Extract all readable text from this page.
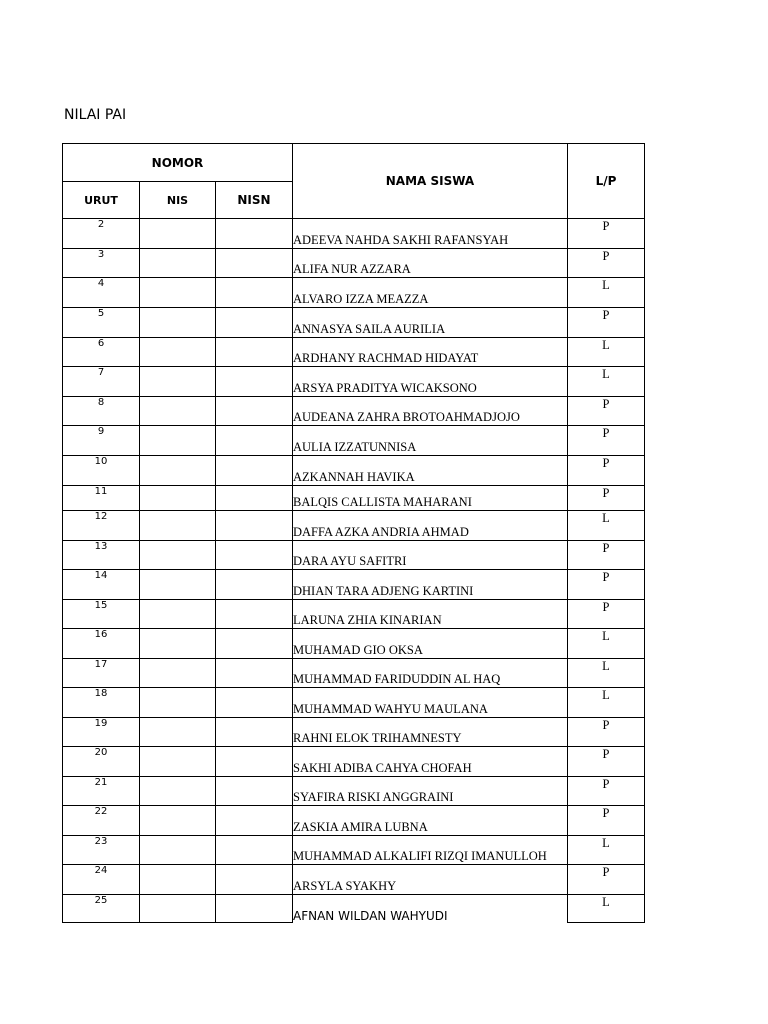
NILAI PAI
NOMOR			NAMA SISWA	L/P
URUT	NIS	NISN		
2			ADEEVA NAHDA SAKHI RAFANSYAH	P
3			ALIFA NUR AZZARA	P
4			ALVARO IZZA MEAZZA	L
5			ANNASYA SAILA AURILIA	P
6			ARDHANY RACHMAD HIDAYAT	L
7			ARSYA PRADITYA WICAKSONO	L
8			AUDEANA ZAHRA BROTOAHMADJOJO	P
9			AULIA IZZATUNNISA	P
10			AZKANNAH HAVIKA	P
11			BALQIS CALLISTA MAHARANI	P
12			DAFFA AZKA ANDRIA AHMAD	L
13			DARA AYU SAFITRI	P
14			DHIAN TARA ADJENG KARTINI	P
15			LARUNA ZHIA KINARIAN	P
16			MUHAMAD GIO OKSA	L
17			MUHAMMAD FARIDUDDIN AL HAQ	L
18			MUHAMMAD WAHYU MAULANA	L
19			RAHNI ELOK TRIHAMNESTY	P
20			SAKHI ADIBA CAHYA CHOFAH	P
21			SYAFIRA RISKI ANGGRAINI	P
22			ZASKIA AMIRA LUBNA	P
23			MUHAMMAD ALKALIFI RIZQI IMANULLOH	L
24			ARSYLA SYAKHY	P
25			AFNAN WILDAN WAHYUDI	L
